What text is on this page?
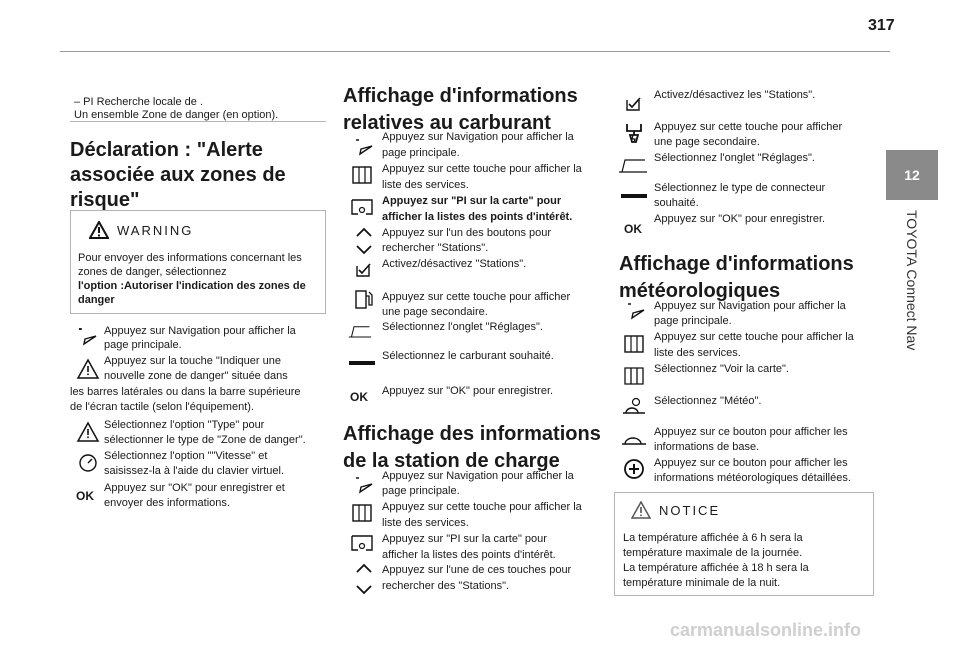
317
12
TOYOTA Connect Nav
– PI Recherche locale de .
Un ensemble Zone de danger (en option).
Déclaration : "Alerte
associée aux zones de
risque"
WARNING
Pour envoyer des informations concernant les
zones de danger, sélectionnez
l'option :Autoriser l'indication des zones de
danger
OK
Appuyez sur Navigation pour afficher la
page principale.
Appuyez sur la touche "Indiquer une
nouvelle zone de danger" située dans
les barres latérales ou dans la barre supérieure
de l'écran tactile (selon l'équipement).
Sélectionnez l'option "Type" pour
sélectionner le type de "Zone de danger".
Sélectionnez l'option ""Vitesse" et
saisissez-la à l'aide du clavier virtuel.
Appuyez sur "OK" pour enregistrer et
envoyer des informations.
Affichage d'informations
relatives au carburant
OK
Appuyez sur Navigation pour afficher la
page principale.
Appuyez sur cette touche pour afficher la
liste des services.
Appuyez sur "PI sur la carte" pour
afficher la listes des points d'intérêt.
Appuyez sur l'un des boutons pour
rechercher "Stations".
Activez/désactivez "Stations".
Appuyez sur cette touche pour afficher
une page secondaire.
Sélectionnez l'onglet "Réglages".
Sélectionnez le carburant souhaité.
Appuyez sur "OK" pour enregistrer.
Affichage des informations
de la station de charge
Appuyez sur Navigation pour afficher la
page principale.
Appuyez sur cette touche pour afficher la
liste des services.
Appuyez sur "PI sur la carte" pour
afficher la listes des points d'intérêt.
Appuyez sur l'une de ces touches pour
rechercher des "Stations".
OK
Activez/désactivez les "Stations".
Appuyez sur cette touche pour afficher
une page secondaire.
Sélectionnez l'onglet "Réglages".
Sélectionnez le type de connecteur
souhaité.
Appuyez sur "OK" pour enregistrer.
Affichage d'informations
météorologiques
Appuyez sur Navigation pour afficher la
page principale.
Appuyez sur cette touche pour afficher la
liste des services.
Sélectionnez "Voir la carte".
Sélectionnez "Météo".
Appuyez sur ce bouton pour afficher les
informations de base.
Appuyez sur ce bouton pour afficher les
informations météorologiques détaillées.
NOTICE
La température affichée à 6 h sera la
température maximale de la journée.
La température affichée à 18 h sera la
température minimale de la nuit.
carmanualsonline.info
